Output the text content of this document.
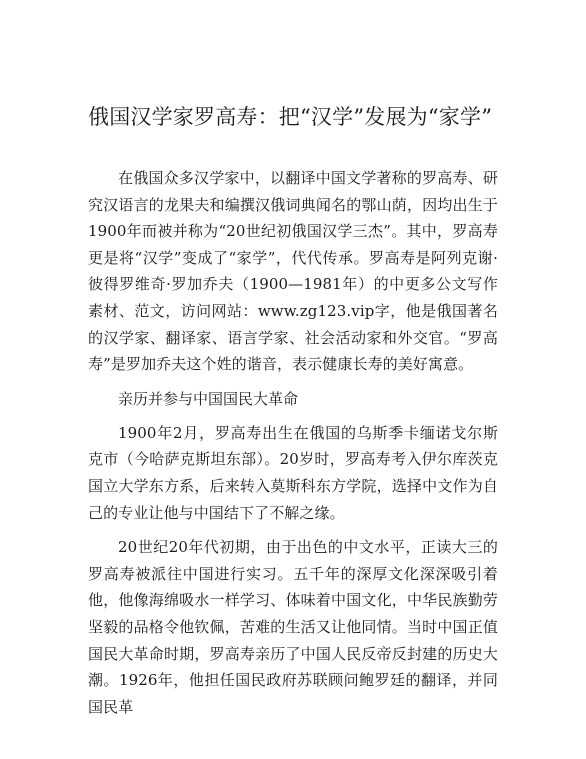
俄国汉学家罗高寿：把“汉学”发展为“家学”

在俄国众多汉学家中，以翻译中国文学著称的罗高寿、研究汉语言的龙果夫和编撰汉俄词典闻名的鄂山荫，因均出生于1900年而被并称为“20世纪初俄国汉学三杰”。其中，罗高寿更是将“汉学”变成了“家学”，代代传承。罗高寿是阿列克谢·彼得罗维奇·罗加乔夫（1900—1981年）的中更多公文写作素材、范文，访问网站：www.zg123.vip字，他是俄国著名的汉学家、翻译家、语言学家、社会活动家和外交官。“罗高寿”是罗加乔夫这个姓的谐音，表示健康长寿的美好寓意。

亲历并参与中国国民大革命

1900年2月，罗高寿出生在俄国的乌斯季卡缅诺戈尔斯克市（今哈萨克斯坦东部）。20岁时，罗高寿考入伊尔库茨克国立大学东方系，后来转入莫斯科东方学院，选择中文作为自己的专业让他与中国结下了不解之缘。

20世纪20年代初期，由于出色的中文水平，正读大三的罗高寿被派往中国进行实习。五千年的深厚文化深深吸引着他，他像海绵吸水一样学习、体味着中国文化，中华民族勤劳坚毅的品格令他钦佩，苦难的生活又让他同情。当时中国正值国民大革命时期，罗高寿亲历了中国人民反帝反封建的历史大潮。1926年，他担任国民政府苏联顾问鲍罗廷的翻译，并同国民革
